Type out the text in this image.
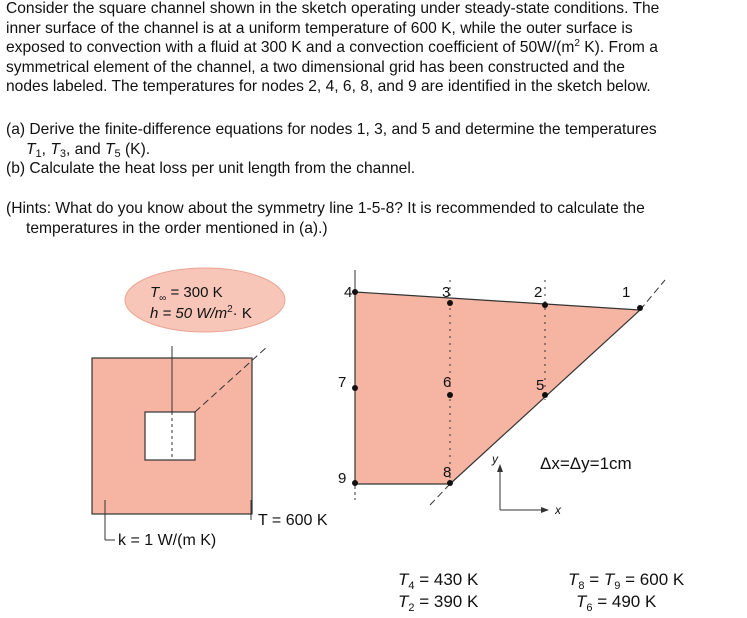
Consider the square channel shown in the sketch operating under steady-state conditions. The
inner surface of the channel is at a uniform temperature of 600 K, while the outer surface is
exposed to convection with a fluid at 300 K and a convection coefficient of $50W/(m^2$ K). From a
symmetrical element of the channel, a two dimensional grid has been constructed and the
nodes labeled. The temperatures for nodes 2, 4, 6, 8, and 9 are identified in the sketch below.
(a) Derive the finite-difference equations for nodes 1, 3, and 5 and determine the temperatures
$T_1$, $T_3$, and $T_5$ (K).
(b) Calculate the heat loss per unit length from the channel.
(Hints: What do you know about the symmetry line 1-5-8? It is recommended to calculate the
temperatures in the order mentioned in (a).)
$T_\infty = 300$ K
h = 50 $W/m^2\cdot K$
1
2
3
4
5
6
7
8
9
y
x
Δx=Δy=1cm
T = 600 K
k = 1 W/(m K)
$T_4 = 430$ K
$T_2 = 390$ K
$T_8 = T_9 = 600$ K
$T_6 = 490$ K
